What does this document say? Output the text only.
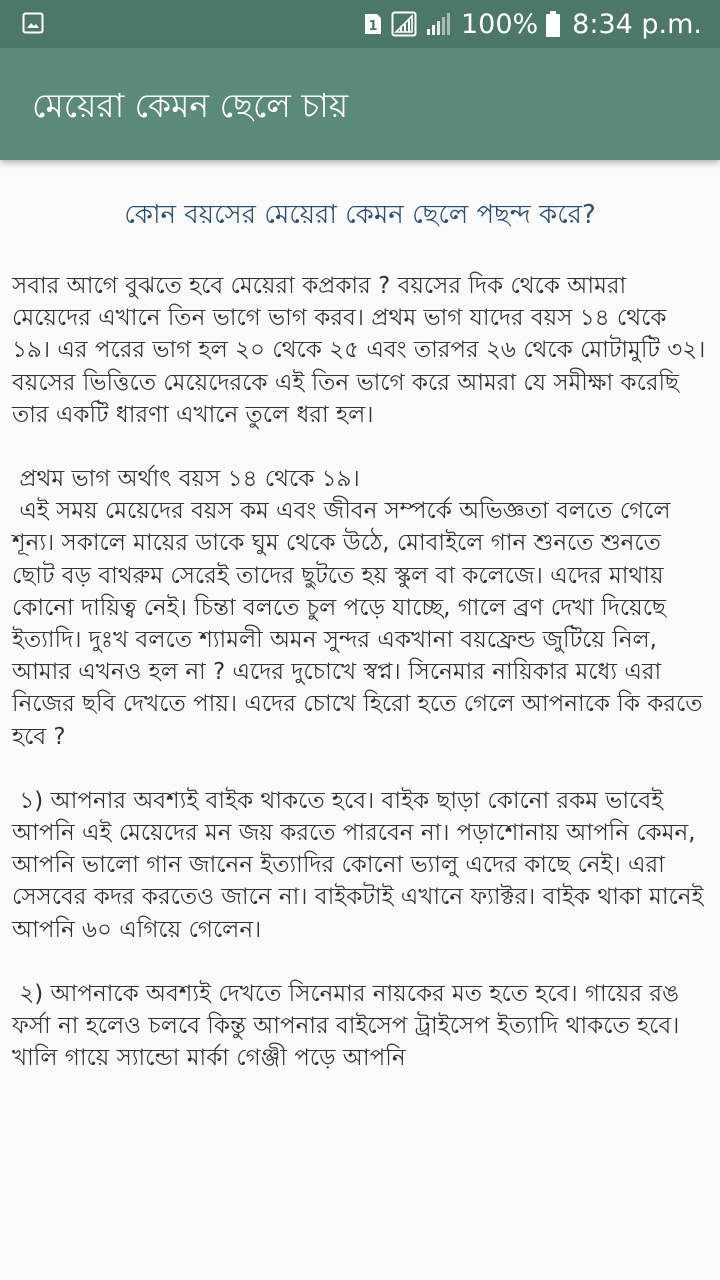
1	100% 8:34 p.m.
মেয়েরা কেমন ছেলে চায়
কোন বয়সের মেয়েরা কেমন ছেলে পছন্দ করে?

সবার আগে বুঝতে হবে মেয়েরা কপ্রকার ? বয়সের দিক থেকে আমরা মেয়েদের এখানে তিন ভাগে ভাগ করব। প্রথম ভাগ যাদের বয়স ১৪ থেকে ১৯। এর পরের ভাগ হল ২০ থেকে ২৫ এবং তারপর ২৬ থেকে মোটামুটি ৩২। বয়সের ভিত্তিতে মেয়েদেরকে এই তিন ভাগে করে আমরা যে সমীক্ষা করেছি তার একটি ধারণা এখানে তুলে ধরা হল।

প্রথম ভাগ অর্থাৎ বয়স ১৪ থেকে ১৯।
এই সময় মেয়েদের বয়স কম এবং জীবন সম্পর্কে অভিজ্ঞতা বলতে গেলে শূন্য। সকালে মায়ের ডাকে ঘুম থেকে উঠে, মোবাইলে গান শুনতে শুনতে ছোট বড় বাথরুম সেরেই তাদের ছুটতে হয় স্কুল বা কলেজে। এদের মাথায় কোনো দায়িত্ব নেই। চিন্তা বলতে চুল পড়ে যাচ্ছে, গালে ব্রণ দেখা দিয়েছে ইত্যাদি। দুঃখ বলতে শ্যামলী অমন সুন্দর একখানা বয়ফ্রেন্ড জুটিয়ে নিল, আমার এখনও হল না ? এদের দুচোখে স্বপ্ন। সিনেমার নায়িকার মধ্যে এরা নিজের ছবি দেখতে পায়। এদের চোখে হিরো হতে গেলে আপনাকে কি করতে হবে ?

১) আপনার অবশ্যই বাইক থাকতে হবে। বাইক ছাড়া কোনো রকম ভাবেই আপনি এই মেয়েদের মন জয় করতে পারবেন না। পড়াশোনায় আপনি কেমন, আপনি ভালো গান জানেন ইত্যাদির কোনো ভ্যালু এদের কাছে নেই। এরা সেসবের কদর করতেও জানে না। বাইকটাই এখানে ফ্যাক্টর। বাইক থাকা মানেই আপনি ৬০ এগিয়ে গেলেন।

২) আপনাকে অবশ্যই দেখতে সিনেমার নায়কের মত হতে হবে। গায়ের রঙ ফর্সা না হলেও চলবে কিন্তু আপনার বাইসেপ ট্রাইসেপ ইত্যাদি থাকতে হবে। খালি গায়ে স্যান্ডো মার্কা গেঞ্জী পড়ে আপনি
